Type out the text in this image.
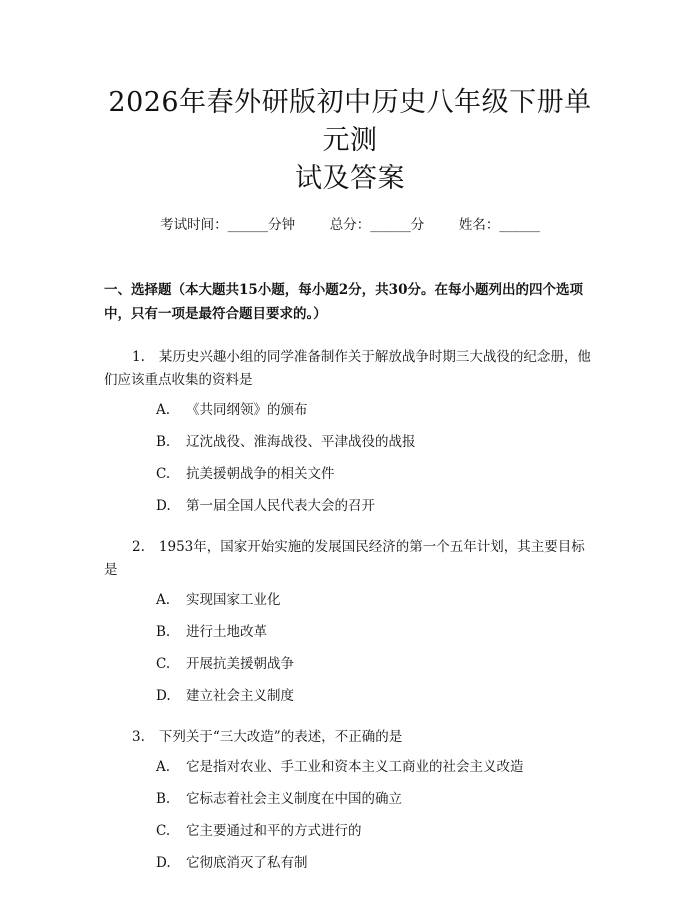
2026年春外研版初中历史八年级下册单元测
试及答案
考试时间：______分钟	总分：______分	姓名：______
一、选择题（本大题共15小题，每小题2分，共30分。在每小题列出的四个选项中，只有一项是最符合题目要求的。）
1. 某历史兴趣小组的同学准备制作关于解放战争时期三大战役的纪念册，他们应该重点收集的资料是
A. 《共同纲领》的颁布
B. 辽沈战役、淮海战役、平津战役的战报
C. 抗美援朝战争的相关文件
D. 第一届全国人民代表大会的召开
2. 1953年，国家开始实施的发展国民经济的第一个五年计划，其主要目标是
A. 实现国家工业化
B. 进行土地改革
C. 开展抗美援朝战争
D. 建立社会主义制度
3. 下列关于“三大改造”的表述，不正确的是
A. 它是指对农业、手工业和资本主义工商业的社会主义改造
B. 它标志着社会主义制度在中国的确立
C. 它主要通过和平的方式进行的
D. 它彻底消灭了私有制
